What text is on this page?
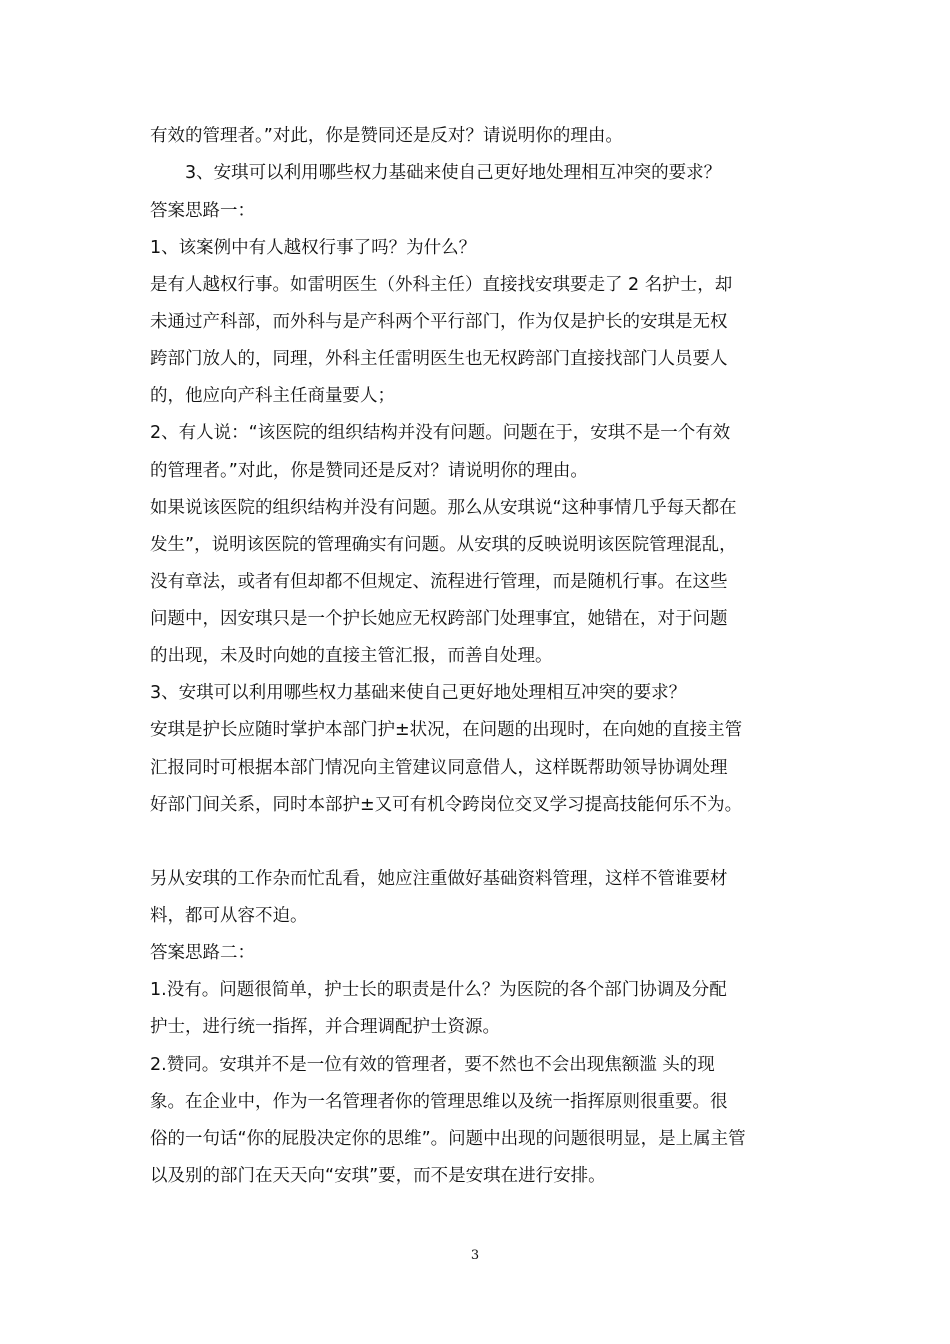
有效的管理者。”对此，你是赞同还是反对？请说明你的理由。
　　3、安琪可以利用哪些权力基础来使自己更好地处理相互冲突的要求？
答案思路一：
1、该案例中有人越权行事了吗？为什么？
是有人越权行事。如雷明医生（外科主任）直接找安琪要走了 2 名护士，却
未通过产科部，而外科与是产科两个平行部门，作为仅是护长的安琪是无权
跨部门放人的，同理，外科主任雷明医生也无权跨部门直接找部门人员要人
的，他应向产科主任商量要人；
2、有人说：“该医院的组织结构并没有问题。问题在于，安琪不是一个有效
的管理者。”对此，你是赞同还是反对？请说明你的理由。
如果说该医院的组织结构并没有问题。那么从安琪说“这种事情几乎每天都在
发生”，说明该医院的管理确实有问题。从安琪的反映说明该医院管理混乱，
没有章法，或者有但却都不但规定、流程进行管理，而是随机行事。在这些
问题中，因安琪只是一个护长她应无权跨部门处理事宜，她错在，对于问题
的出现，未及时向她的直接主管汇报，而善自处理。
3、安琪可以利用哪些权力基础来使自己更好地处理相互冲突的要求？
安琪是护长应随时掌护本部门护±状况，在问题的出现时，在向她的直接主管
汇报同时可根据本部门情况向主管建议同意借人，这样既帮助领导协调处理
好部门间关系，同时本部护±又可有机令跨岗位交叉学习提高技能何乐不为。
另从安琪的工作杂而忙乱看，她应注重做好基础资料管理，这样不管谁要材
料，都可从容不迫。
答案思路二：
1.没有。问题很简单，护士长的职责是什么？为医院的各个部门协调及分配
护士，进行统一指挥，并合理调配护士资源。
2.赞同。安琪并不是一位有效的管理者，要不然也不会出现焦额滥 头的现
象。在企业中，作为一名管理者你的管理思维以及统一指挥原则很重要。很
俗的一句话“你的屁股决定你的思维”。问题中出现的问题很明显，是上属主管
以及别的部门在天天向“安琪”要，而不是安琪在进行安排。
3
